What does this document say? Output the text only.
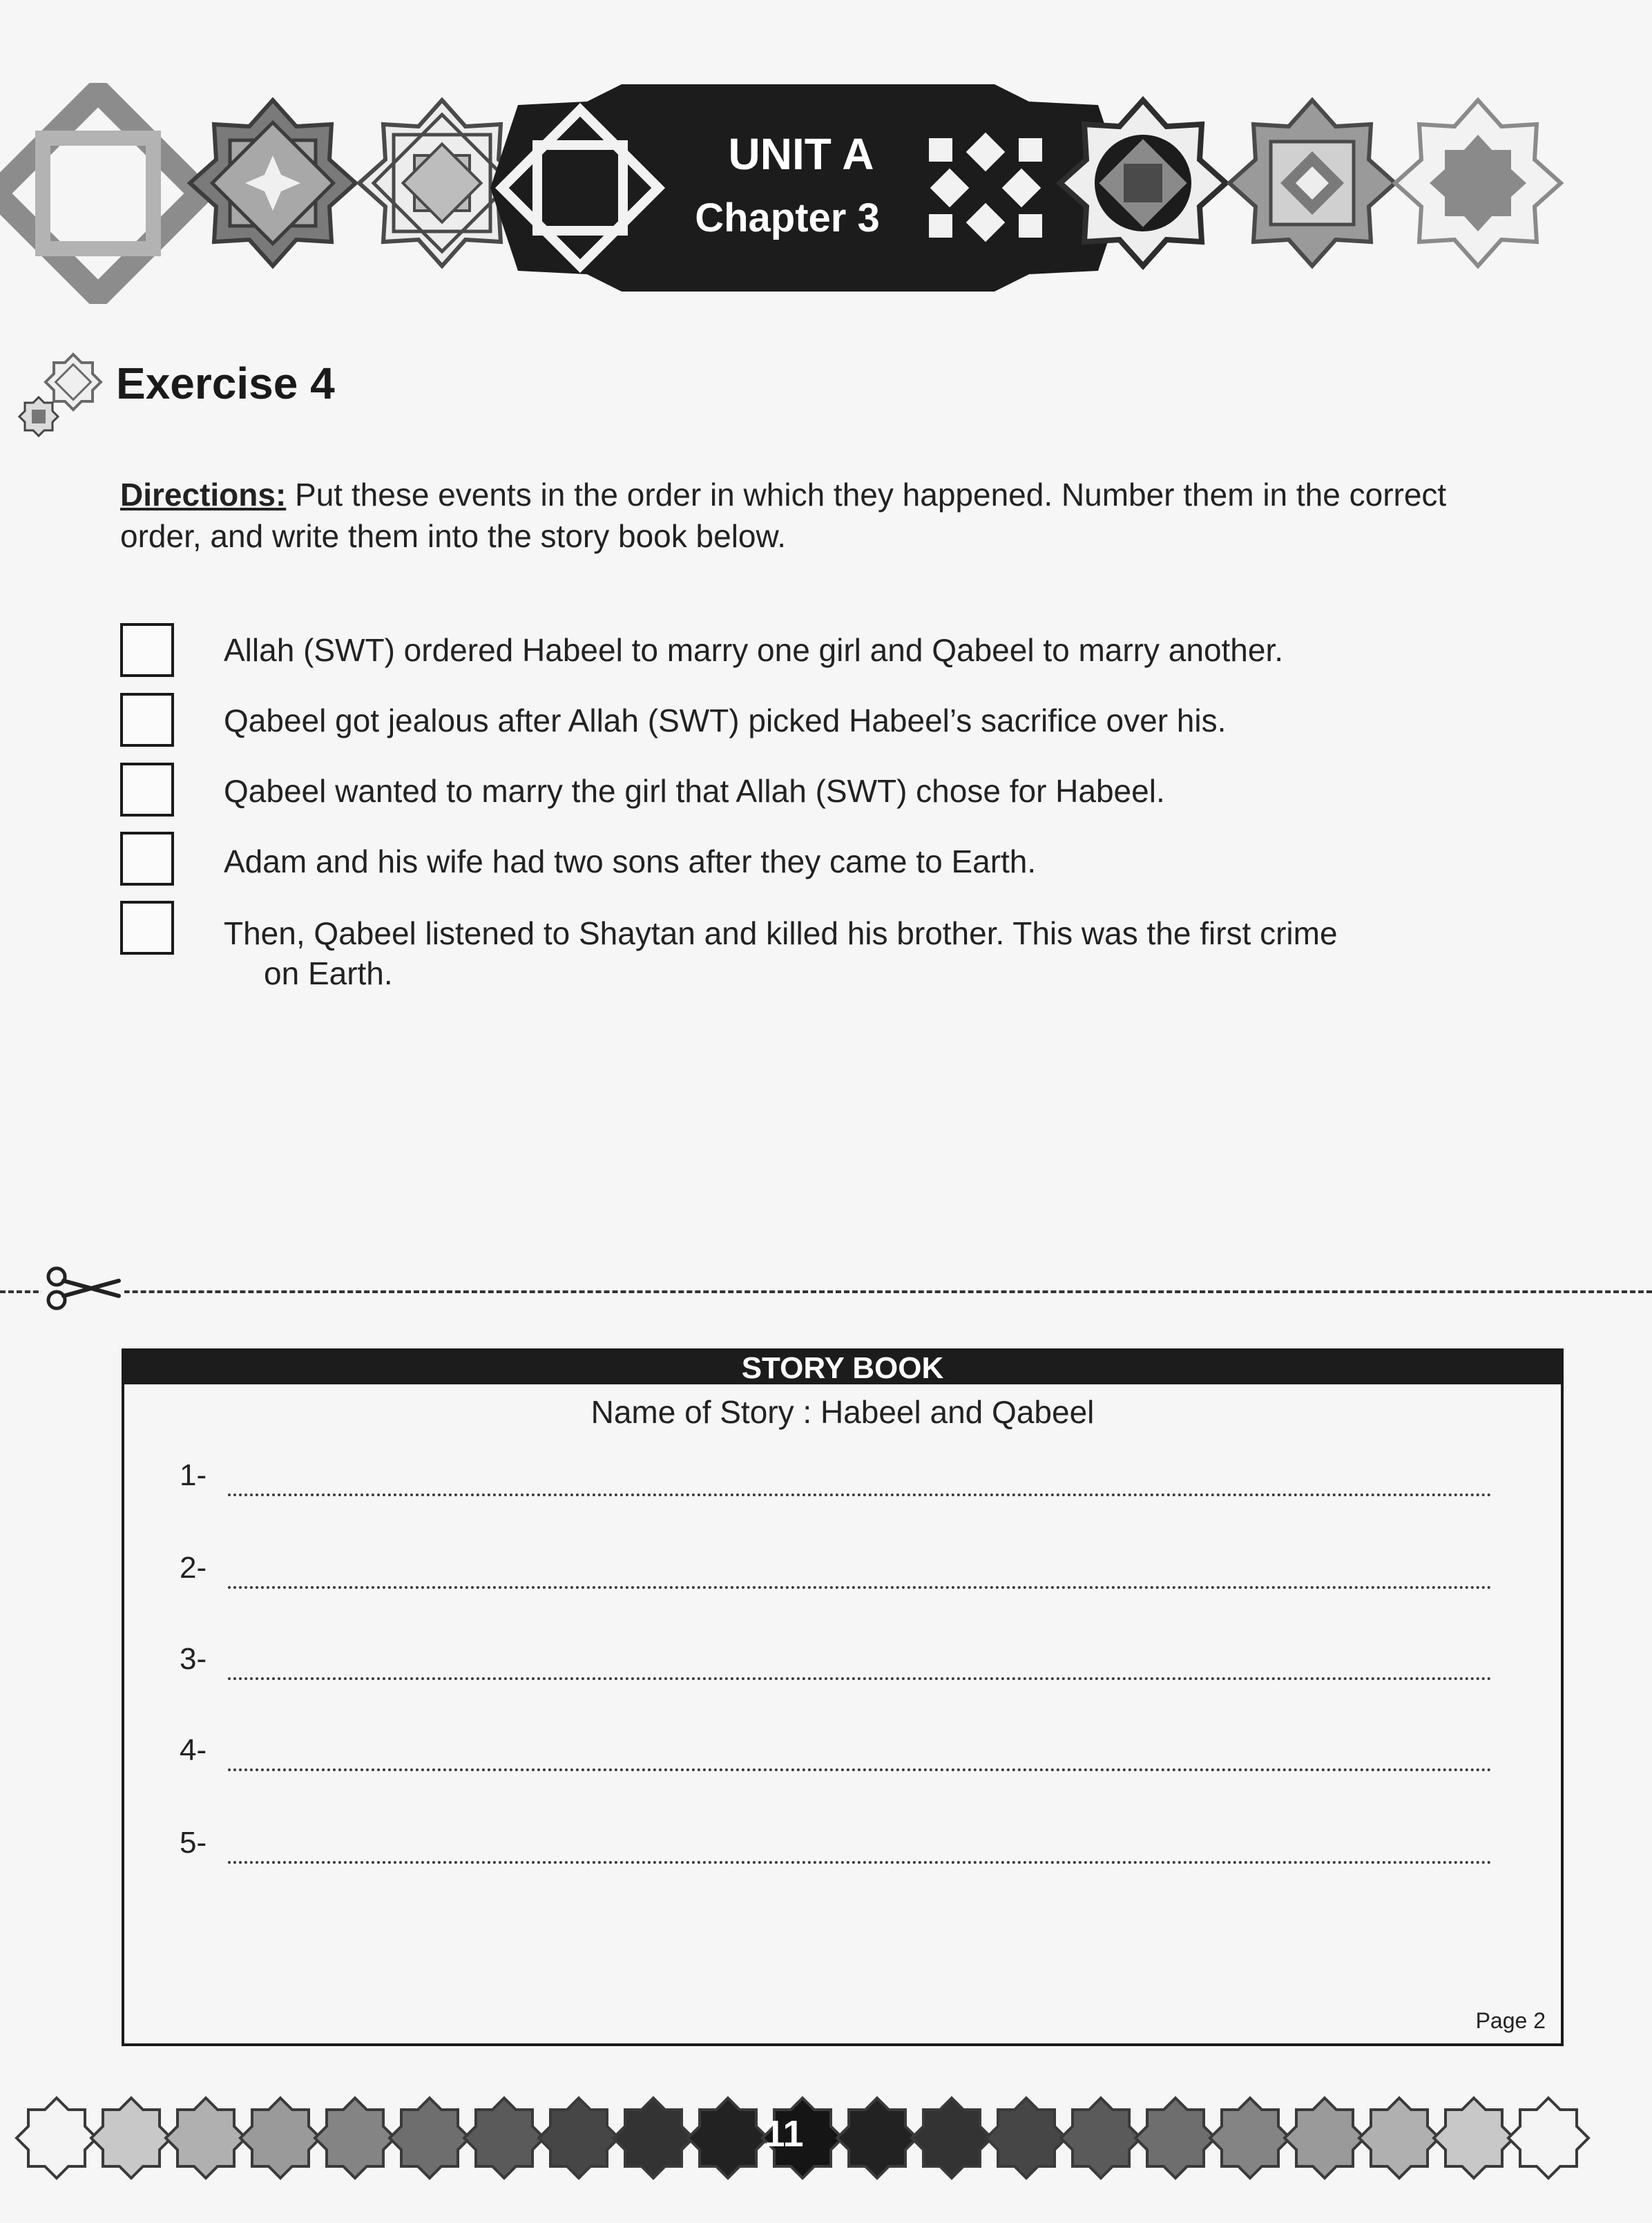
UNIT A
Chapter 3
Exercise 4
Directions: Put these events in the order in which they happened. Number them in the correct order, and write them into the story book below.
Allah (SWT) ordered Habeel to marry one girl and Qabeel to marry another.
Qabeel got jealous after Allah (SWT) picked Habeel’s sacrifice over his.
Qabeel wanted to marry the girl that Allah (SWT) chose for Habeel.
Adam and his wife had two sons after they came to Earth.
Then, Qabeel listened to Shaytan and killed his brother. This was the first crime
on Earth.
STORY BOOK
Name of Story : Habeel and Qabeel
1-
2-
3-
4-
5-
Page 2
11
